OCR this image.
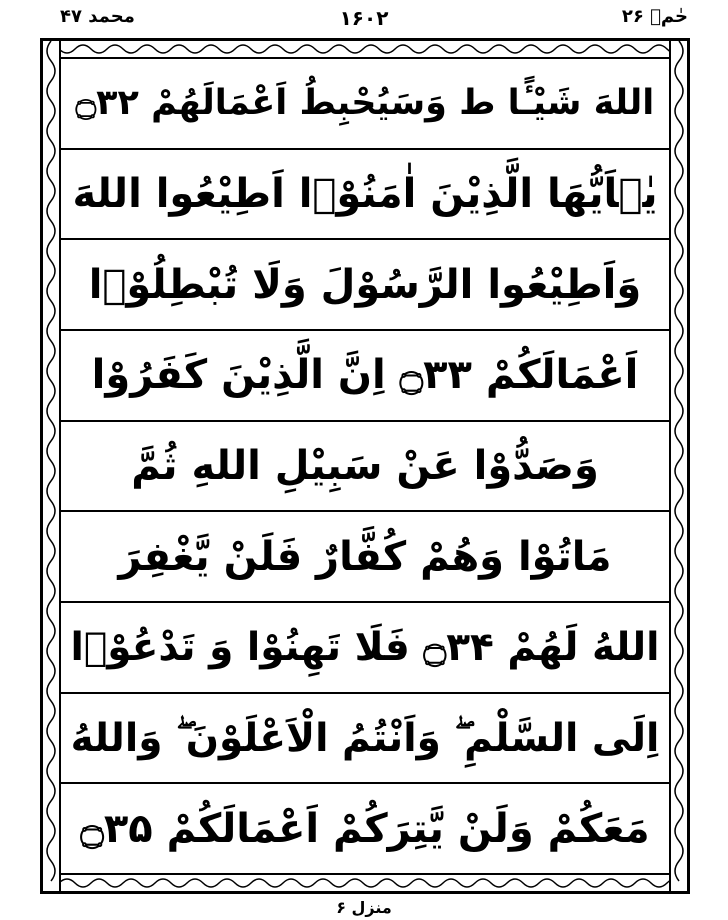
محمد ۴۷	۱۶۰۲	حٰمۤ ۲۶
اللهَ شَيْـًٔا ط وَسَيُحْبِطُ اَعْمَالَهُمْ ۝۳۲
يٰۤاَيُّهَا الَّذِيْنَ اٰمَنُوْۤا اَطِيْعُوا اللهَ
وَاَطِيْعُوا الرَّسُوْلَ وَلَا تُبْطِلُوْۤا
اَعْمَالَكُمْ ۝۳۳ اِنَّ الَّذِيْنَ كَفَرُوْا
وَصَدُّوْا عَنْ سَبِيْلِ اللهِ ثُمَّ
مَاتُوْا وَهُمْ كُفَّارٌ فَلَنْ يَّغْفِرَ
اللهُ لَهُمْ ۝۳۴ فَلَا تَهِنُوْا وَ تَدْعُوْۤا
اِلَى السَّلْمِ ۖ وَاَنْتُمُ الْاَعْلَوْنَ ۖ وَاللهُ
مَعَكُمْ وَلَنْ يَّتِرَكُمْ اَعْمَالَكُمْ ۝۳۵
منزل ۶
